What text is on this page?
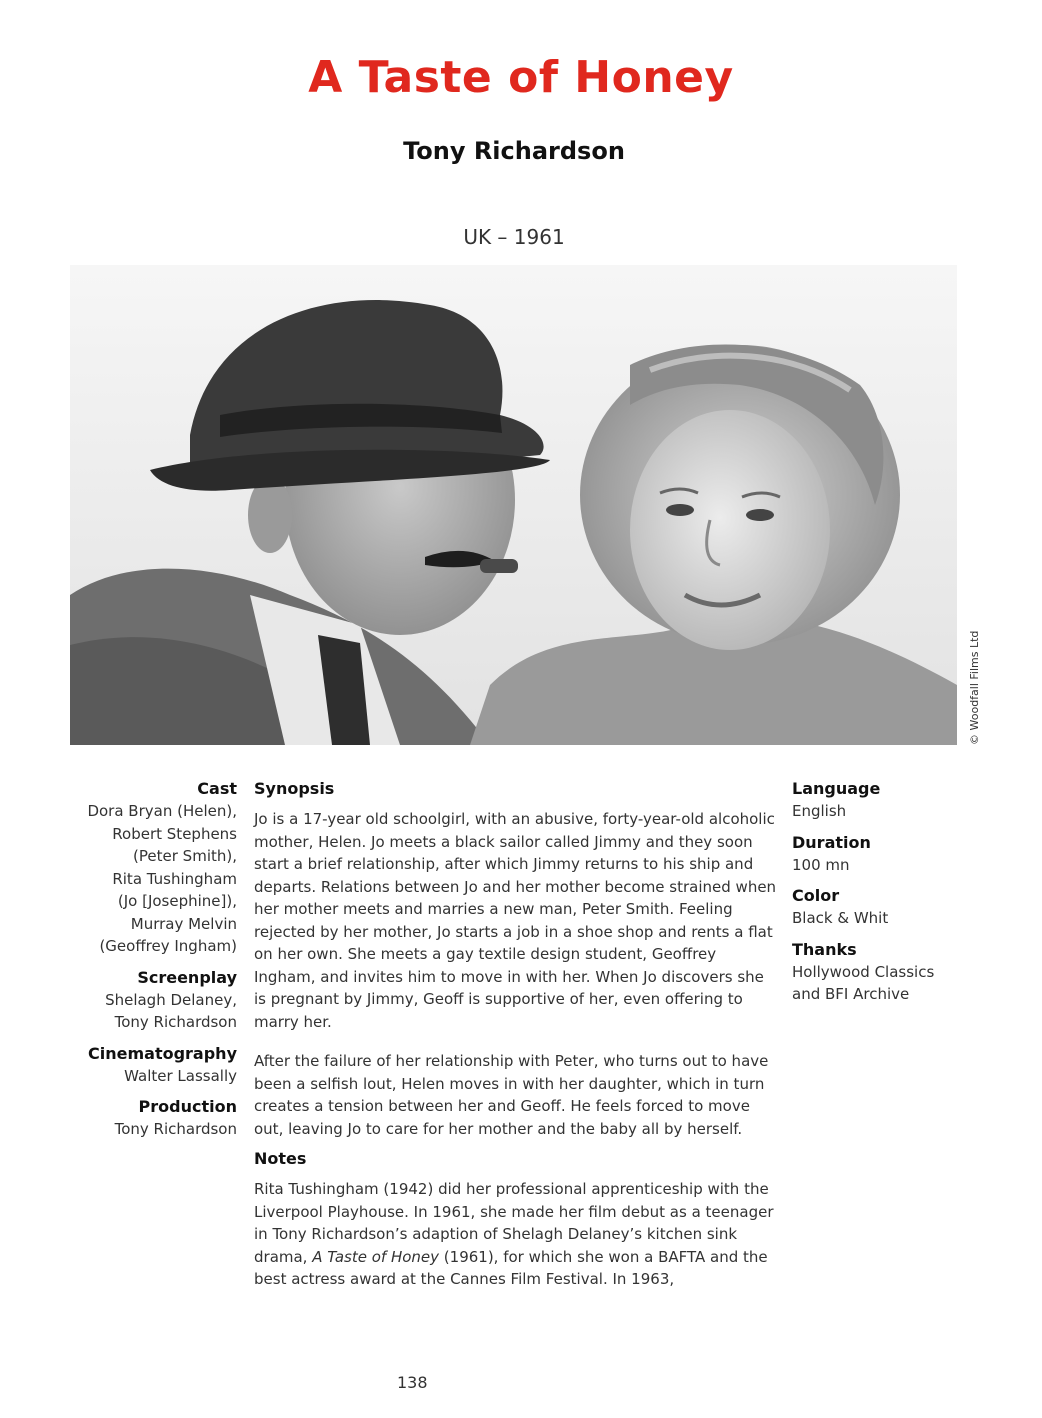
A Taste of Honey
Tony Richardson
UK – 1961
© Woodfall Films Ltd
Cast
Dora Bryan (Helen),
Robert Stephens
(Peter Smith),
Rita Tushingham
(Jo [Josephine]),
Murray Melvin
(Geoffrey Ingham)
Screenplay
Shelagh Delaney,
Tony Richardson
Cinematography
Walter Lassally
Production
Tony Richardson
Synopsis

Jo is a 17-year old schoolgirl, with an abusive, forty-year-old alcoholic mother, Helen. Jo meets a black sailor called Jimmy and they soon start a brief relationship, after which Jimmy returns to his ship and departs. Relations between Jo and her mother become strained when her mother meets and marries a new man, Peter Smith. Feeling rejected by her mother, Jo starts a job in a shoe shop and rents a flat on her own. She meets a gay textile design student, Geoffrey Ingham, and invites him to move in with her. When Jo discovers she is pregnant by Jimmy, Geoff is supportive of her, even offering to marry her.

After the failure of her relationship with Peter, who turns out to have been a selfish lout, Helen moves in with her daughter, which in turn creates a tension between her and Geoff. He feels forced to move out, leaving Jo to care for her mother and the baby all by herself.

Notes

Rita Tushingham (1942) did her professional apprenticeship with the Liverpool Playhouse. In 1961, she made her film debut as a teenager in Tony Richardson’s adaption of Shelagh Delaney’s kitchen sink drama, A Taste of Honey (1961), for which she won a BAFTA and the best actress award at the Cannes Film Festival. In 1963,

Language
English
Duration
100 mn
Color
Black & Whit
Thanks
Hollywood Classics
and BFI Archive
138
